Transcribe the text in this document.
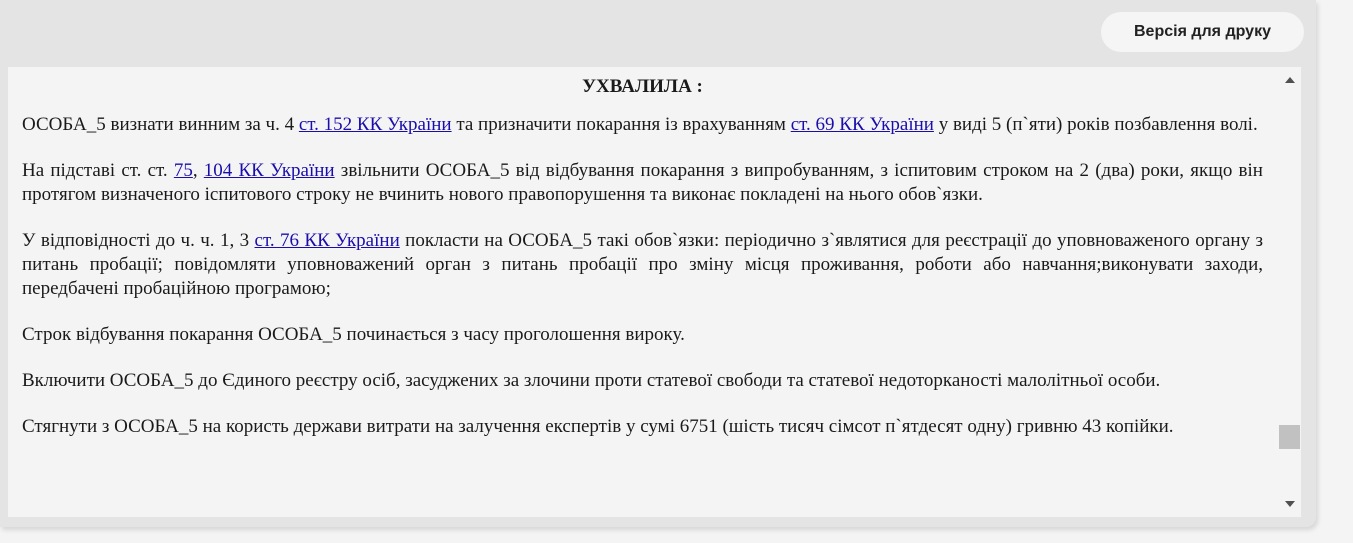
Версія для друку
УХВАЛИЛА :

ОСОБА_5 визнати винним за ч. 4 ст. 152 КК України та призначити покарання із врахуванням ст. 69 КК України у виді 5 (п`яти) років позбавлення волі.

На підставі ст. ст. 75, 104 КК України звільнити ОСОБА_5 від відбування покарання з випробуванням, з іспитовим строком на 2 (два) роки, якщо він протягом визначеного іспитового строку не вчинить нового правопорушення та виконає покладені на нього обов`язки.

У відповідності до ч. ч. 1, 3 ст. 76 КК України покласти на ОСОБА_5 такі обов`язки: періодично з`являтися для реєстрації до уповноваженого органу з питань пробації; повідомляти уповноважений орган з питань пробації про зміну місця проживання, роботи або навчання;виконувати заходи, передбачені пробаційною програмою;

Строк відбування покарання ОСОБА_5 починається з часу проголошення вироку.

Включити ОСОБА_5 до Єдиного реєстру осіб, засуджених за злочини проти статевої свободи та статевої недоторканості малолітньої особи.

Стягнути з ОСОБА_5 на користь держави витрати на залучення експертів у сумі 6751 (шість тисяч сімсот п`ятдесят одну) гривню 43 копійки.
